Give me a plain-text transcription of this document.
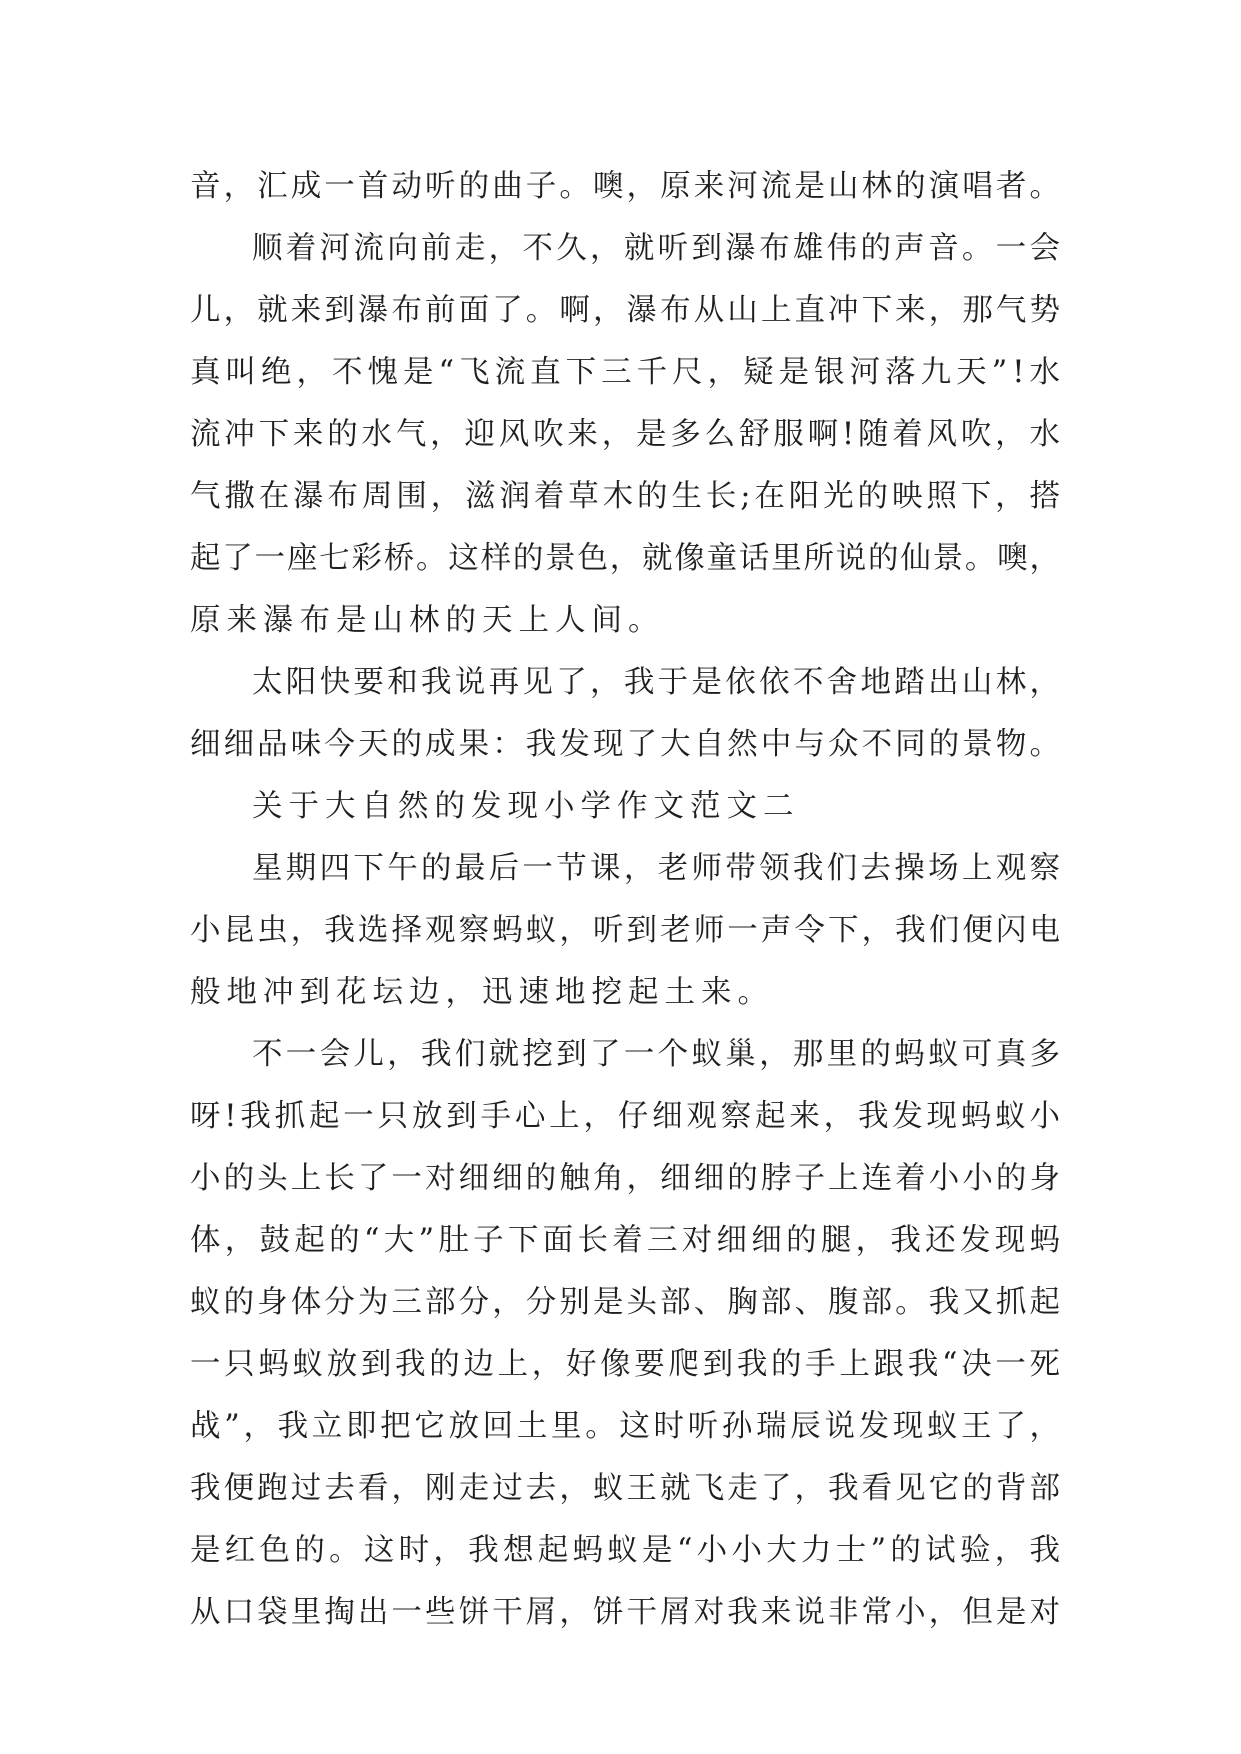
音，汇成一首动听的曲子。噢，原来河流是山林的演唱者。
顺着河流向前走，不久，就听到瀑布雄伟的声音。一会
儿，就来到瀑布前面了。啊，瀑布从山上直冲下来，那气势
真叫绝，不愧是“飞流直下三千尺，疑是银河落九天”!水
流冲下来的水气，迎风吹来，是多么舒服啊!随着风吹，水
气撒在瀑布周围，滋润着草木的生长;在阳光的映照下，搭
起了一座七彩桥。这样的景色，就像童话里所说的仙景。噢，
原来瀑布是山林的天上人间。
太阳快要和我说再见了，我于是依依不舍地踏出山林，
细细品味今天的成果：我发现了大自然中与众不同的景物。
关于大自然的发现小学作文范文二
星期四下午的最后一节课，老师带领我们去操场上观察
小昆虫，我选择观察蚂蚁，听到老师一声令下，我们便闪电
般地冲到花坛边，迅速地挖起土来。
不一会儿，我们就挖到了一个蚁巢，那里的蚂蚁可真多
呀!我抓起一只放到手心上，仔细观察起来，我发现蚂蚁小
小的头上长了一对细细的触角，细细的脖子上连着小小的身
体，鼓起的“大”肚子下面长着三对细细的腿，我还发现蚂
蚁的身体分为三部分，分别是头部、胸部、腹部。我又抓起
一只蚂蚁放到我的边上，好像要爬到我的手上跟我“决一死
战”，我立即把它放回土里。这时听孙瑞辰说发现蚁王了，
我便跑过去看，刚走过去，蚁王就飞走了，我看见它的背部
是红色的。这时，我想起蚂蚁是“小小大力士”的试验，我
从口袋里掏出一些饼干屑，饼干屑对我来说非常小，但是对
